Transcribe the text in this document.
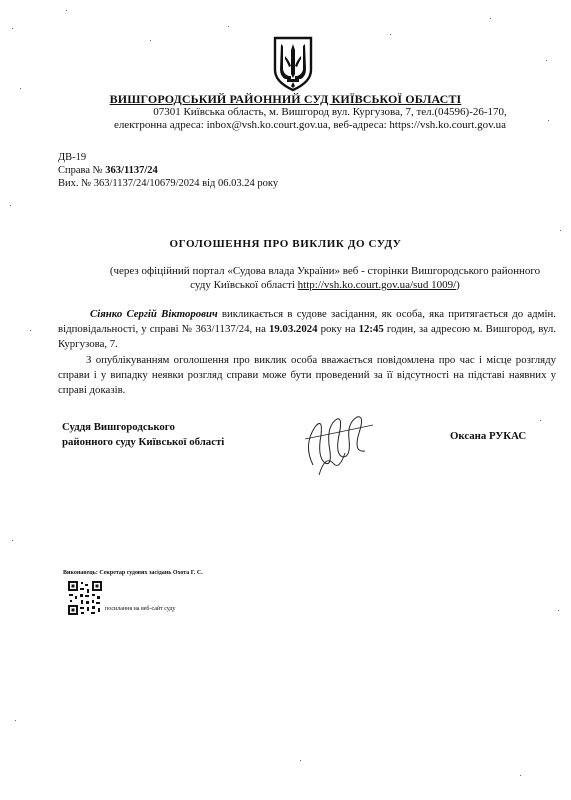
ВИШГОРОДСЬКИЙ РАЙОННИЙ СУД КИЇВСЬКОЇ ОБЛАСТІ
07301 Київська область, м. Вишгород вул. Кургузова, 7, тел.(04596)-26-170,
електронна адреса: inbox@vsh.ko.court.gov.ua, веб-адреса: https://vsh.ko.court.gov.ua
ДВ-19
Справа № 363/1137/24
Вих. № 363/1137/24/10679/2024 від 06.03.24 року
ОГОЛОШЕННЯ ПРО ВИКЛИК ДО СУДУ
(через офіційний портал «Судова влада України» веб - сторінки Вишгородського районного
суду Київської області http://vsh.ko.court.gov.ua/sud 1009/)
Сіянко Сергій Вікторович викликається в судове засідання, як особа, яка притягається до адмін. відповідальності, у справі № 363/1137/24, на 19.03.2024 року на 12:45 годин, за адресою м. Вишгород, вул. Кургузова, 7.
З опублікуванням оголошення про виклик особа вважається повідомлена про час і місце розгляду справи і у випадку неявки розгляд справи може бути проведений за її відсутності на підставі наявних у справі доказів.
Суддя Вишгородського
районного суду Київської області	Оксана РУКАС
Виконавець: Секретар судових засідань Охота Г. С.
посилання на веб-сайт суду
